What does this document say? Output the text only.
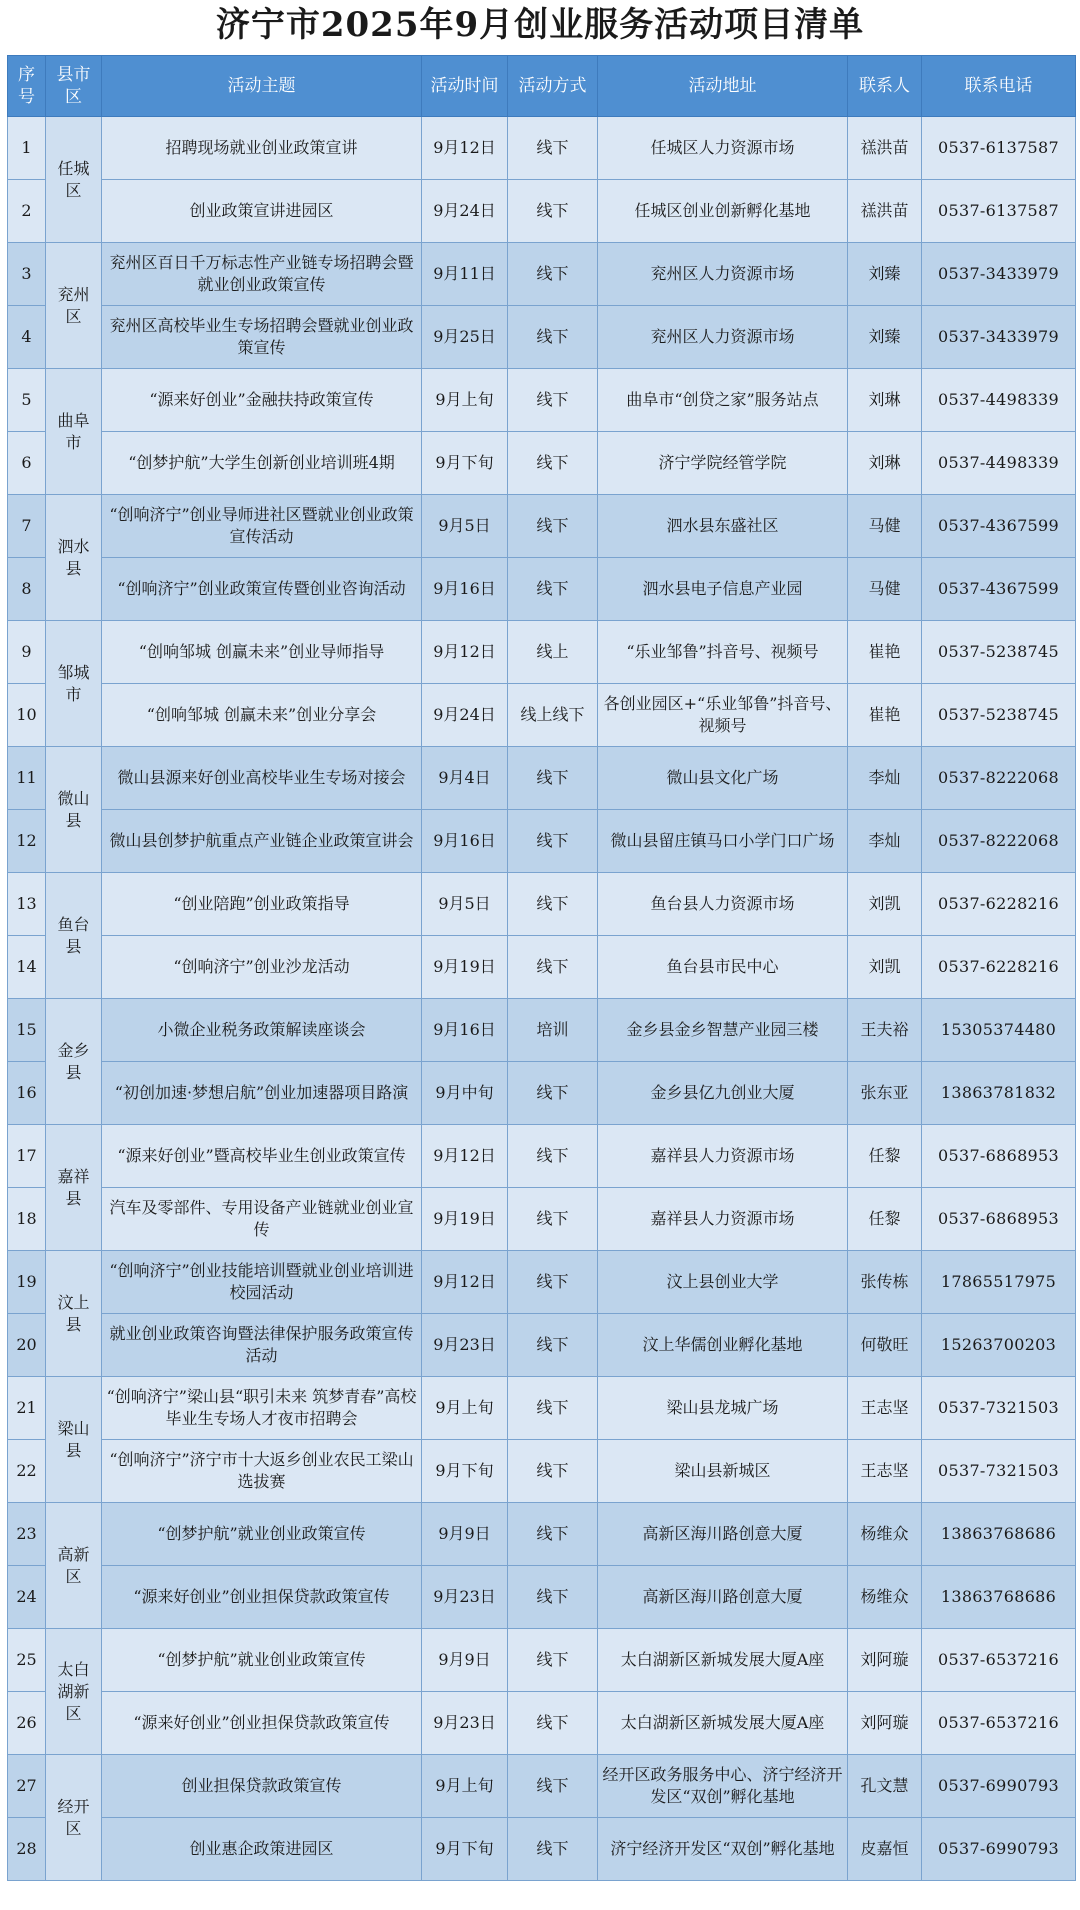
济宁市2025年9月创业服务活动项目清单
序号	县市区	活动主题	活动时间	活动方式	活动地址	联系人	联系电话
1	任城区	招聘现场就业创业政策宣讲	9月12日	线下	任城区人力资源市场	禚洪苗	0537-6137587
2		创业政策宣讲进园区	9月24日	线下	任城区创业创新孵化基地	禚洪苗	0537-6137587
3	兖州区	兖州区百日千万标志性产业链专场招聘会暨就业创业政策宣传	9月11日	线下	兖州区人力资源市场	刘臻	0537-3433979
4		兖州区高校毕业生专场招聘会暨就业创业政策宣传	9月25日	线下	兖州区人力资源市场	刘臻	0537-3433979
5	曲阜市	“源来好创业”金融扶持政策宣传	9月上旬	线下	曲阜市“创贷之家”服务站点	刘琳	0537-4498339
6		“创梦护航”大学生创新创业培训班4期	9月下旬	线下	济宁学院经管学院	刘琳	0537-4498339
7	泗水县	“创响济宁”创业导师进社区暨就业创业政策宣传活动	9月5日	线下	泗水县东盛社区	马健	0537-4367599
8		“创响济宁”创业政策宣传暨创业咨询活动	9月16日	线下	泗水县电子信息产业园	马健	0537-4367599
9	邹城市	“创响邹城 创赢未来”创业导师指导	9月12日	线上	“乐业邹鲁”抖音号、视频号	崔艳	0537-5238745
10		“创响邹城 创赢未来”创业分享会	9月24日	线上线下	各创业园区+“乐业邹鲁”抖音号、视频号	崔艳	0537-5238745
11	微山县	微山县源来好创业高校毕业生专场对接会	9月4日	线下	微山县文化广场	李灿	0537-8222068
12		微山县创梦护航重点产业链企业政策宣讲会	9月16日	线下	微山县留庄镇马口小学门口广场	李灿	0537-8222068
13	鱼台县	“创业陪跑”创业政策指导	9月5日	线下	鱼台县人力资源市场	刘凯	0537-6228216
14		“创响济宁”创业沙龙活动	9月19日	线下	鱼台县市民中心	刘凯	0537-6228216
15	金乡县	小微企业税务政策解读座谈会	9月16日	培训	金乡县金乡智慧产业园三楼	王夫裕	15305374480
16		“初创加速·梦想启航”创业加速器项目路演	9月中旬	线下	金乡县亿九创业大厦	张东亚	13863781832
17	嘉祥县	“源来好创业”暨高校毕业生创业政策宣传	9月12日	线下	嘉祥县人力资源市场	任黎	0537-6868953
18		汽车及零部件、专用设备产业链就业创业宣传	9月19日	线下	嘉祥县人力资源市场	任黎	0537-6868953
19	汶上县	“创响济宁”创业技能培训暨就业创业培训进校园活动	9月12日	线下	汶上县创业大学	张传栋	17865517975
20		就业创业政策咨询暨法律保护服务政策宣传活动	9月23日	线下	汶上华儒创业孵化基地	何敬旺	15263700203
21	梁山县	“创响济宁”梁山县“职引未来 筑梦青春”高校毕业生专场人才夜市招聘会	9月上旬	线下	梁山县龙城广场	王志坚	0537-7321503
22		“创响济宁”济宁市十大返乡创业农民工梁山选拔赛	9月下旬	线下	梁山县新城区	王志坚	0537-7321503
23	高新区	“创梦护航”就业创业政策宣传	9月9日	线下	高新区海川路创意大厦	杨维众	13863768686
24		“源来好创业”创业担保贷款政策宣传	9月23日	线下	高新区海川路创意大厦	杨维众	13863768686
25	太白湖新区	“创梦护航”就业创业政策宣传	9月9日	线下	太白湖新区新城发展大厦A座	刘阿璇	0537-6537216
26		“源来好创业”创业担保贷款政策宣传	9月23日	线下	太白湖新区新城发展大厦A座	刘阿璇	0537-6537216
27	经开区	创业担保贷款政策宣传	9月上旬	线下	经开区政务服务中心、济宁经济开发区“双创”孵化基地	孔文慧	0537-6990793
28		创业惠企政策进园区	9月下旬	线下	济宁经济开发区“双创”孵化基地	皮嘉恒	0537-6990793
